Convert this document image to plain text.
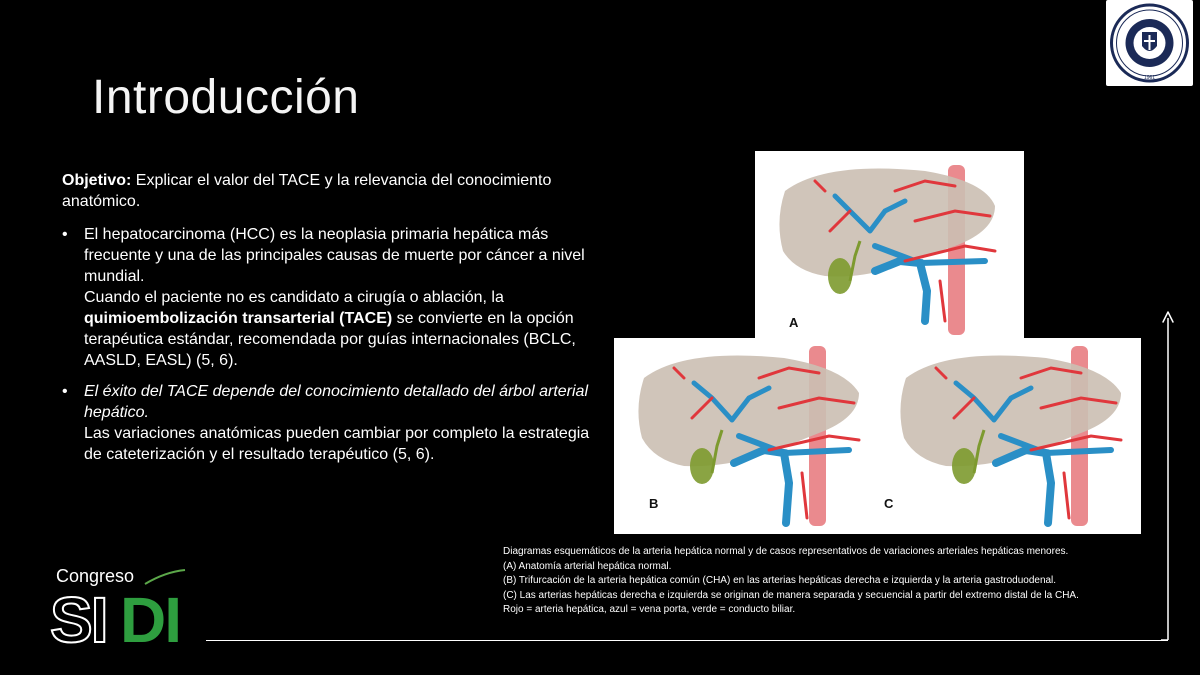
Introducción	1961

Objetivo: Explicar el valor del TACE y la relevancia del conocimiento anatómico.

• El hepatocarcinoma (HCC) es la neoplasia primaria hepática más frecuente y una de las principales causas de muerte por cáncer a nivel mundial.
Cuando el paciente no es candidato a cirugía o ablación, la quimioembolización transarterial (TACE) se convierte en la opción terapéutica estándar, recomendada por guías internacionales (BCLC, AASLD, EASL) (5, 6).
• El éxito del TACE depende del conocimiento detallado del árbol arterial hepático.
Las variaciones anatómicas pueden cambiar por completo la estrategia de cateterización y el resultado terapéutico (5, 6).
A
B	C
Diagramas esquemáticos de la arteria hepática normal y de casos representativos de variaciones arteriales hepáticas menores.
(A) Anatomía arterial hepática normal.
(B) Trifurcación de la arteria hepática común (CHA) en las arterias hepáticas derecha e izquierda y la arteria gastroduodenal.
(C) Las arterias hepáticas derecha e izquierda se originan de manera separada y secuencial a partir del extremo distal de la CHA.
Rojo = arteria hepática, azul = vena porta, verde = conducto biliar.
Congreso
SI DI
